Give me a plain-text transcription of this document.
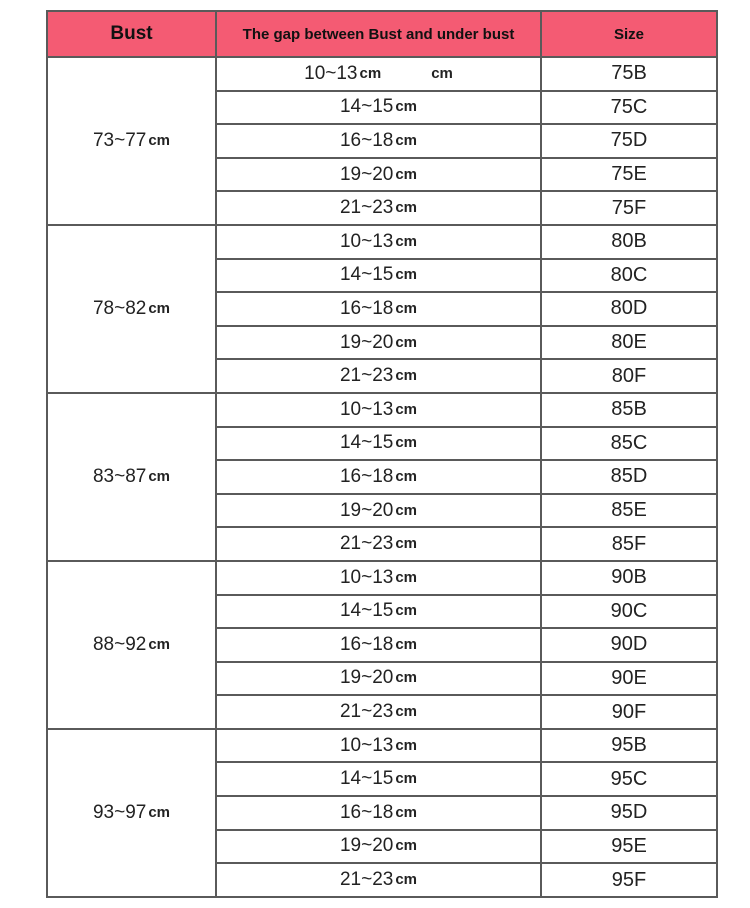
Bust	The gap between Bust and under bust	Size
73~77 cm	10~13 cm cm	75B
	14~15 cm	75C
	16~18 cm	75D
	19~20 cm	75E
	21~23 cm	75F
78~82 cm	10~13 cm	80B
	14~15 cm	80C
	16~18 cm	80D
	19~20 cm	80E
	21~23 cm	80F
83~87 cm	10~13 cm	85B
	14~15 cm	85C
	16~18 cm	85D
	19~20 cm	85E
	21~23 cm	85F
88~92 cm	10~13 cm	90B
	14~15 cm	90C
	16~18 cm	90D
	19~20 cm	90E
	21~23 cm	90F
93~97 cm	10~13 cm	95B
	14~15 cm	95C
	16~18 cm	95D
	19~20 cm	95E
	21~23 cm	95F
